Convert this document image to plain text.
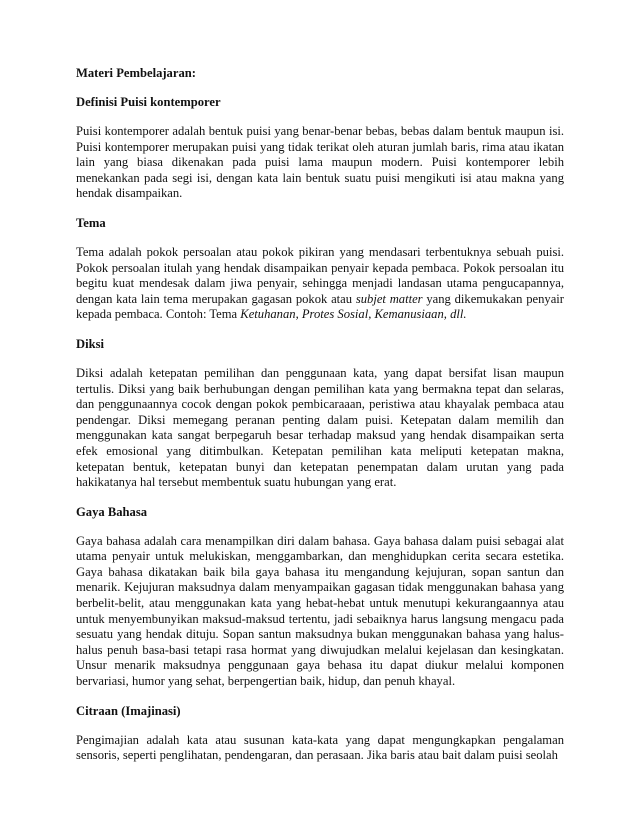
Materi Pembelajaran:
Definisi Puisi kontemporer

Puisi kontemporer adalah bentuk puisi yang benar-benar bebas, bebas dalam bentuk maupun isi. Puisi kontemporer merupakan puisi yang tidak terikat oleh aturan jumlah baris, rima atau ikatan lain yang biasa dikenakan pada puisi lama maupun modern. Puisi kontemporer lebih menekankan pada segi isi, dengan kata lain bentuk suatu puisi mengikuti isi atau makna yang hendak disampaikan.

Tema

Tema adalah pokok persoalan atau pokok pikiran yang mendasari terbentuknya sebuah puisi. Pokok persoalan itulah yang hendak disampaikan penyair kepada pembaca. Pokok persoalan itu begitu kuat mendesak dalam jiwa penyair, sehingga menjadi landasan utama pengucapannya, dengan kata lain tema merupakan gagasan pokok atau subjet matter yang dikemukakan penyair kepada pembaca. Contoh: Tema Ketuhanan, Protes Sosial, Kemanusiaan, dll.

Diksi

Diksi adalah ketepatan pemilihan dan penggunaan kata, yang dapat bersifat lisan maupun tertulis. Diksi yang baik berhubungan dengan pemilihan kata yang bermakna tepat dan selaras, dan penggunaannya cocok dengan pokok pembicaraaan, peristiwa atau khayalak pembaca atau pendengar. Diksi memegang peranan penting dalam puisi. Ketepatan dalam memilih dan menggunakan kata sangat berpegaruh besar terhadap maksud yang hendak disampaikan serta efek emosional yang ditimbulkan. Ketepatan pemilihan kata meliputi ketepatan makna, ketepatan bentuk, ketepatan bunyi dan ketepatan penempatan dalam urutan yang pada hakikatanya hal tersebut membentuk suatu hubungan yang erat.

Gaya Bahasa

Gaya bahasa adalah cara menampilkan diri dalam bahasa. Gaya bahasa dalam puisi sebagai alat utama penyair untuk melukiskan, menggambarkan, dan menghidupkan cerita secara estetika. Gaya bahasa dikatakan baik bila gaya bahasa itu mengandung kejujuran, sopan santun dan menarik. Kejujuran maksudnya dalam menyampaikan gagasan tidak menggunakan bahasa yang berbelit-belit, atau menggunakan kata yang hebat-hebat untuk menutupi kekurangaannya atau untuk menyembunyikan maksud-maksud tertentu, jadi sebaiknya harus langsung mengacu pada sesuatu yang hendak dituju. Sopan santun maksudnya bukan menggunakan bahasa yang halus-halus penuh basa-basi tetapi rasa hormat yang diwujudkan melalui kejelasan dan kesingkatan. Unsur menarik maksudnya penggunaan gaya behasa itu dapat diukur melalui komponen bervariasi, humor yang sehat, berpengertian baik, hidup, dan penuh khayal.

Citraan (Imajinasi)

Pengimajian adalah kata atau susunan kata-kata yang dapat mengungkapkan pengalaman sensoris, seperti penglihatan, pendengaran, dan perasaan. Jika baris atau bait dalam puisi seolah
